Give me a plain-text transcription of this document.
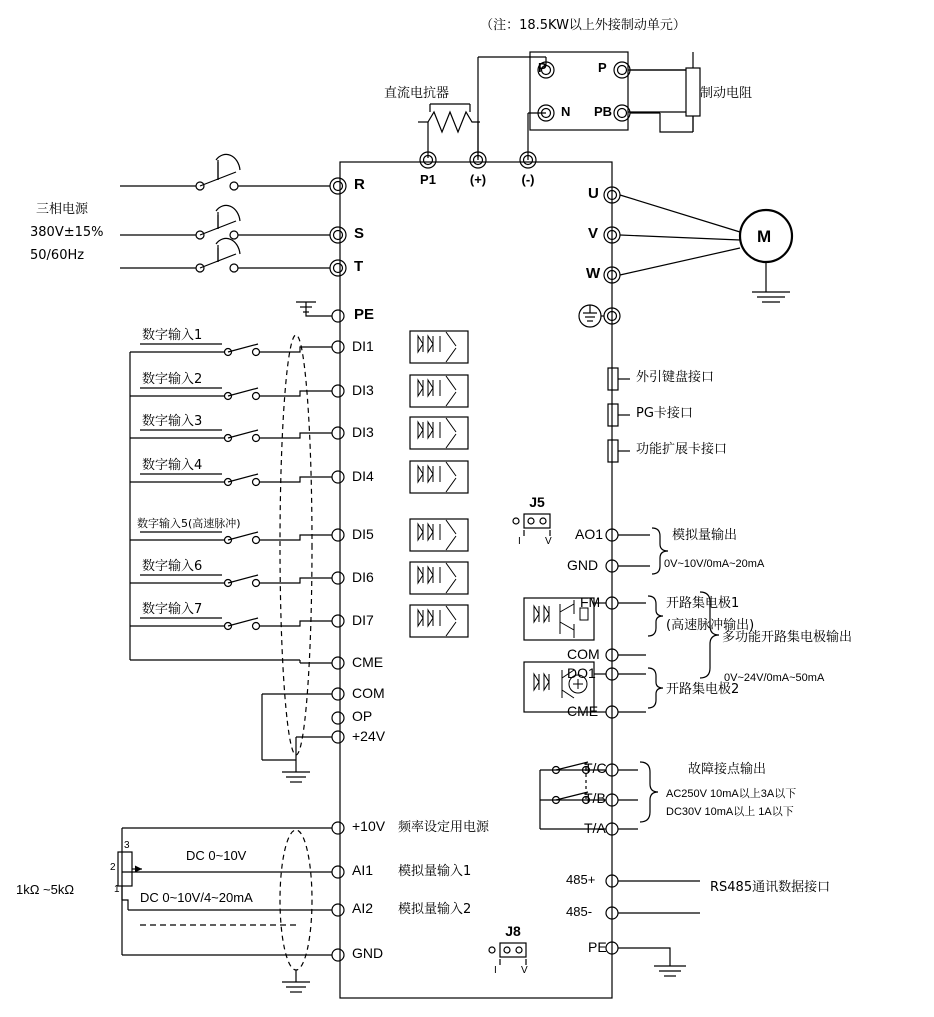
（注：18.5KW以上外接制动单元）
直流电抗器	制动电阻
P	P
N PB
P1	(+)	(-)
三相电源
380V±15%
50/60Hz
R
S
T
PE
U
V
W
M
数字输入1
数字输入2
数字输入3
数字输入4
数字输入5(高速脉冲)
数字输入6
数字输入7
DI1
DI3
DI3
DI4
DI5
DI6
DI7
CME
COM
OP
+24V
外引键盘接口
PG卡接口
功能扩展卡接口
J5
I V AO1
GND
模拟量输出
0V~10V/0mA~20mA
FM
COM
DO1
CME
开路集电极1
(高速脉冲输出)
开路集电极2
多功能开路集电极输出
0V~24V/0mA~50mA
T/C
T/B
T/A
故障接点输出
AC250V 10mA以上3A以下
DC30V 10mA以上 1A以下
485+
485-
RS485通讯数据接口
PE
+10V 频率设定用电源
AI1 模拟量输入1
AI2 模拟量输入2
GND
1kΩ ~5kΩ
DC 0~10V
DC 0~10V/4~20mA
3
2
1
J8
I V
